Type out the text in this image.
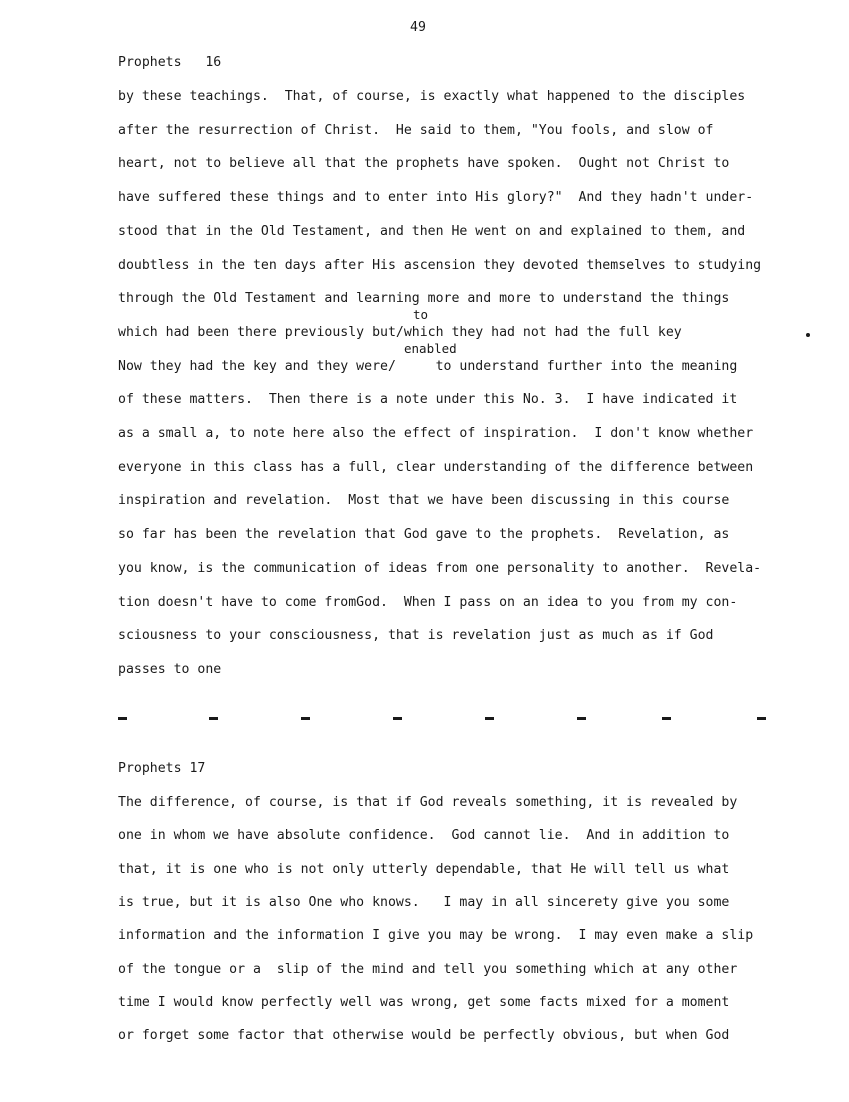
49
Prophets   16
by these teachings.  That, of course, is exactly what happened to the disciples
after the resurrection of Christ.  He said to them, "You fools, and slow of
heart, not to believe all that the prophets have spoken.  Ought not Christ to
have suffered these things and to enter into His glory?"  And they hadn't under-
stood that in the Old Testament, and then He went on and explained to them, and
doubtless in the ten days after His ascension they devoted themselves to studying
through the Old Testament and learning more and more to understand the things
which had been there previously but/which they had not had the full key
Now they had the key and they were/     to understand further into the meaning
of these matters.  Then there is a note under this No. 3.  I have indicated it
as a small a, to note here also the effect of inspiration.  I don't know whether
everyone in this class has a full, clear understanding of the difference between
inspiration and revelation.  Most that we have been discussing in this course
so far has been the revelation that God gave to the prophets.  Revelation, as
you know, is the communication of ideas from one personality to another.  Revela-
tion doesn't have to come fromGod.  When I pass on an idea to you from my con-
sciousness to your consciousness, that is revelation just as much as if God
passes to one
to
enabled
Prophets 17
The difference, of course, is that if God reveals something, it is revealed by
one in whom we have absolute confidence.  God cannot lie.  And in addition to
that, it is one who is not only utterly dependable, that He will tell us what
is true, but it is also One who knows.   I may in all sincerety give you some
information and the information I give you may be wrong.  I may even make a slip
of the tongue or a  slip of the mind and tell you something which at any other
time I would know perfectly well was wrong, get some facts mixed for a moment
or forget some factor that otherwise would be perfectly obvious, but when God
